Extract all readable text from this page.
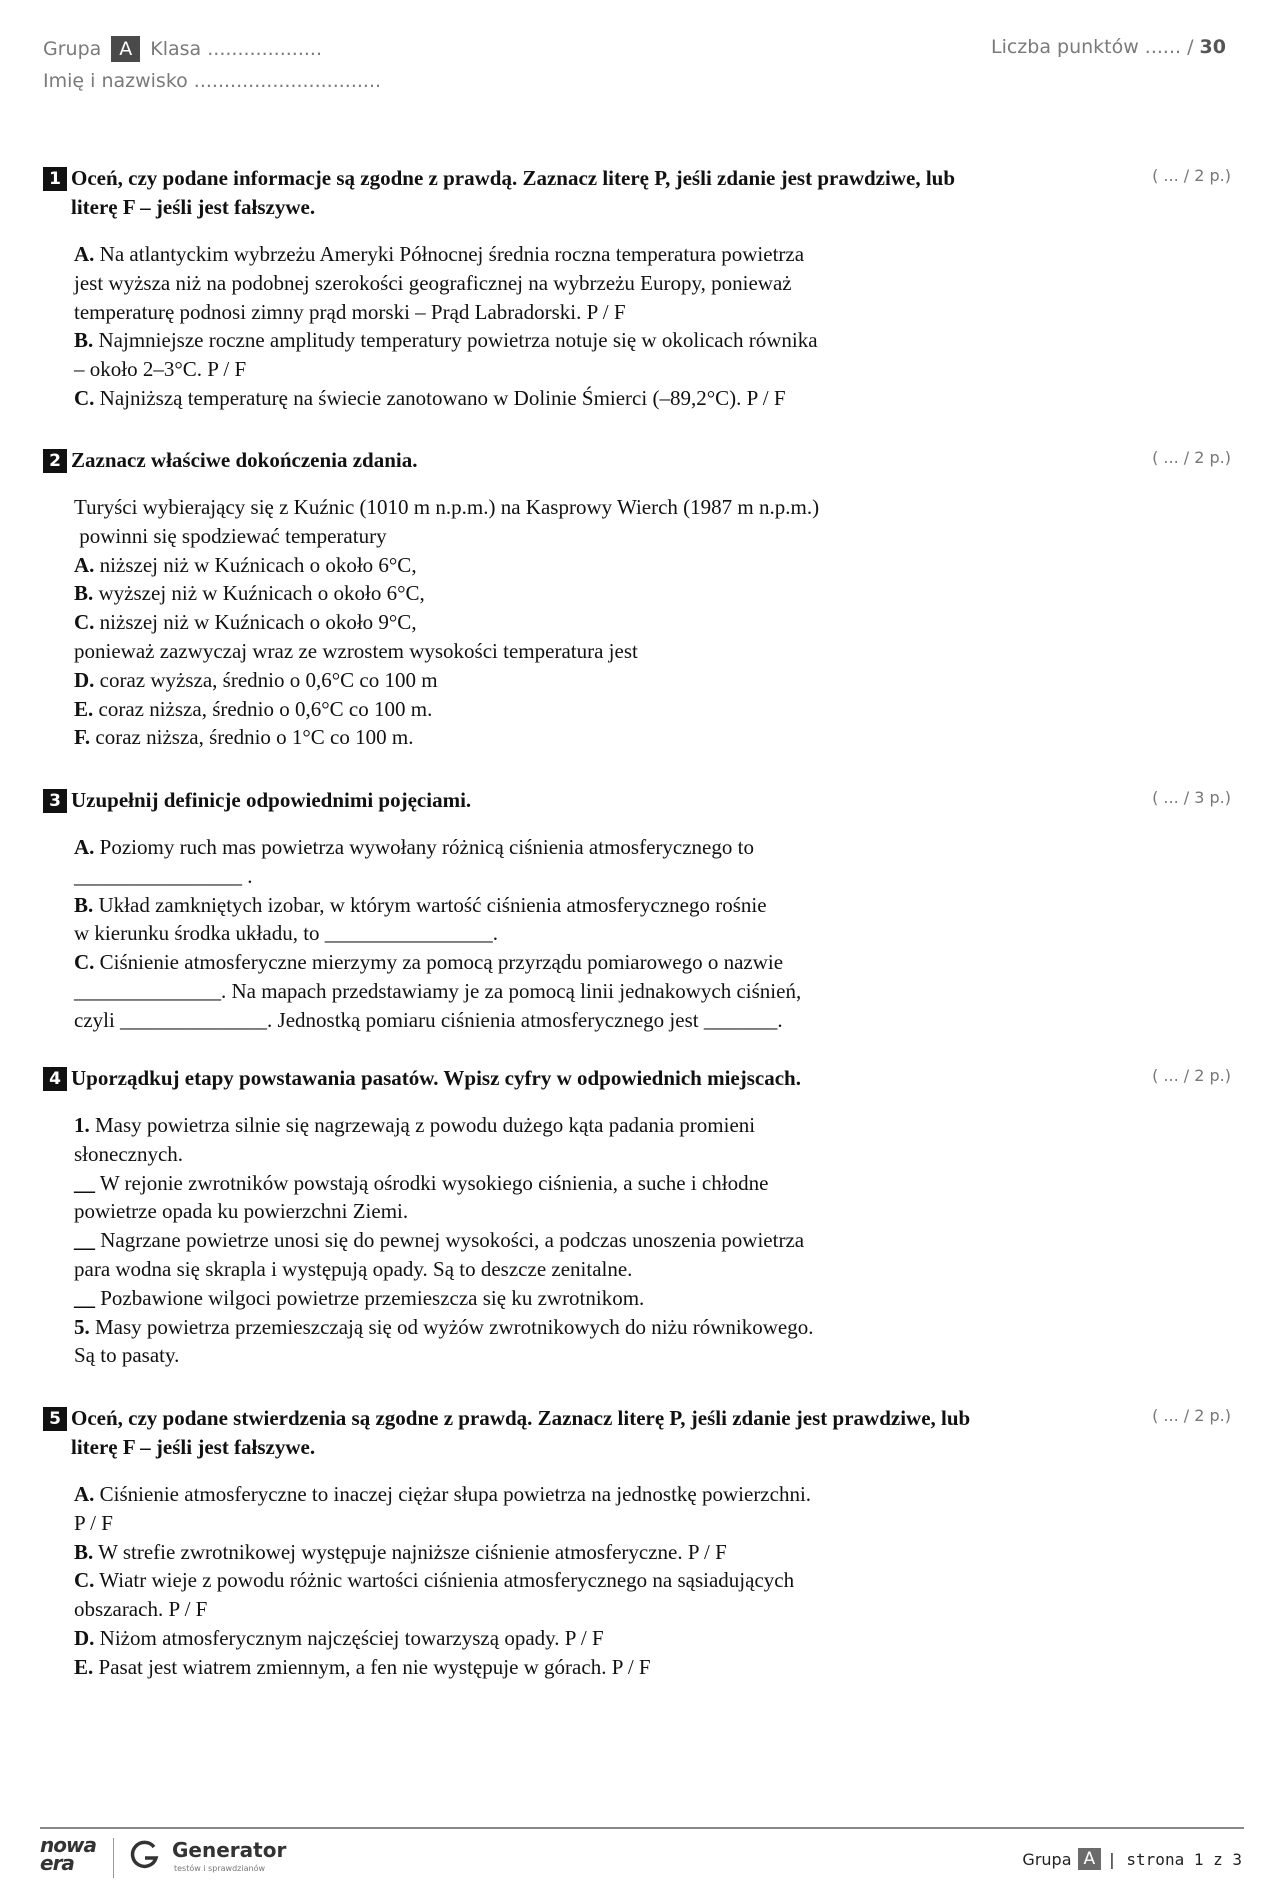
Grupa A Klasa ...................
Imię i nazwisko ...............................
Liczba punktów ...... / 30
( ... / 2 p.)
1 Oceń, czy podane informacje są zgodne z prawdą. Zaznacz literę P, jeśli zdanie jest prawdziwe, lub literę F – jeśli jest fałszywe.
A. Na atlantyckim wybrzeżu Ameryki Północnej średnia roczna temperatura powietrza
jest wyższa niż na podobnej szerokości geograficznej na wybrzeżu Europy, ponieważ
temperaturę podnosi zimny prąd morski – Prąd Labradorski. P / F
B. Najmniejsze roczne amplitudy temperatury powietrza notuje się w okolicach równika
– około 2–3°C. P / F
C. Najniższą temperaturę na świecie zanotowano w Dolinie Śmierci (–89,2°C). P / F
( ... / 2 p.)
2 Zaznacz właściwe dokończenia zdania.
Turyści wybierający się z Kuźnic (1010 m n.p.m.) na Kasprowy Wierch (1987 m n.p.m.)
powinni się spodziewać temperatury
A. niższej niż w Kuźnicach o około 6°C,
B. wyższej niż w Kuźnicach o około 6°C,
C. niższej niż w Kuźnicach o około 9°C,
ponieważ zazwyczaj wraz ze wzrostem wysokości temperatura jest
D. coraz wyższa, średnio o 0,6°C co 100 m
E. coraz niższa, średnio o 0,6°C co 100 m.
F. coraz niższa, średnio o 1°C co 100 m.
( ... / 3 p.)
3 Uzupełnij definicje odpowiednimi pojęciami.
A. Poziomy ruch mas powietrza wywołany różnicą ciśnienia atmosferycznego to
________________ .
B. Układ zamkniętych izobar, w którym wartość ciśnienia atmosferycznego rośnie
w kierunku środka układu, to ________________.
C. Ciśnienie atmosferyczne mierzymy za pomocą przyrządu pomiarowego o nazwie
______________. Na mapach przedstawiamy je za pomocą linii jednakowych ciśnień,
czyli ______________. Jednostką pomiaru ciśnienia atmosferycznego jest _______.
( ... / 2 p.)
4 Uporządkuj etapy powstawania pasatów. Wpisz cyfry w odpowiednich miejscach.
1. Masy powietrza silnie się nagrzewają z powodu dużego kąta padania promieni
słonecznych.
__ W rejonie zwrotników powstają ośrodki wysokiego ciśnienia, a suche i chłodne
powietrze opada ku powierzchni Ziemi.
__ Nagrzane powietrze unosi się do pewnej wysokości, a podczas unoszenia powietrza
para wodna się skrapla i występują opady. Są to deszcze zenitalne.
__ Pozbawione wilgoci powietrze przemieszcza się ku zwrotnikom.
5. Masy powietrza przemieszczają się od wyżów zwrotnikowych do niżu równikowego.
Są to pasaty.
( ... / 2 p.)
5 Oceń, czy podane stwierdzenia są zgodne z prawdą. Zaznacz literę P, jeśli zdanie jest prawdziwe, lub literę F – jeśli jest fałszywe.
A. Ciśnienie atmosferyczne to inaczej ciężar słupa powietrza na jednostkę powierzchni.
P / F
B. W strefie zwrotnikowej występuje najniższe ciśnienie atmosferyczne. P / F
C. Wiatr wieje z powodu różnic wartości ciśnienia atmosferycznego na sąsiadujących
obszarach. P / F
D. Niżom atmosferycznym najczęściej towarzyszą opady. P / F
E. Pasat jest wiatrem zmiennym, a fen nie występuje w górach. P / F
nowa
era
Generator
testów i sprawdzianów	Grupa A | strona 1 z 3
